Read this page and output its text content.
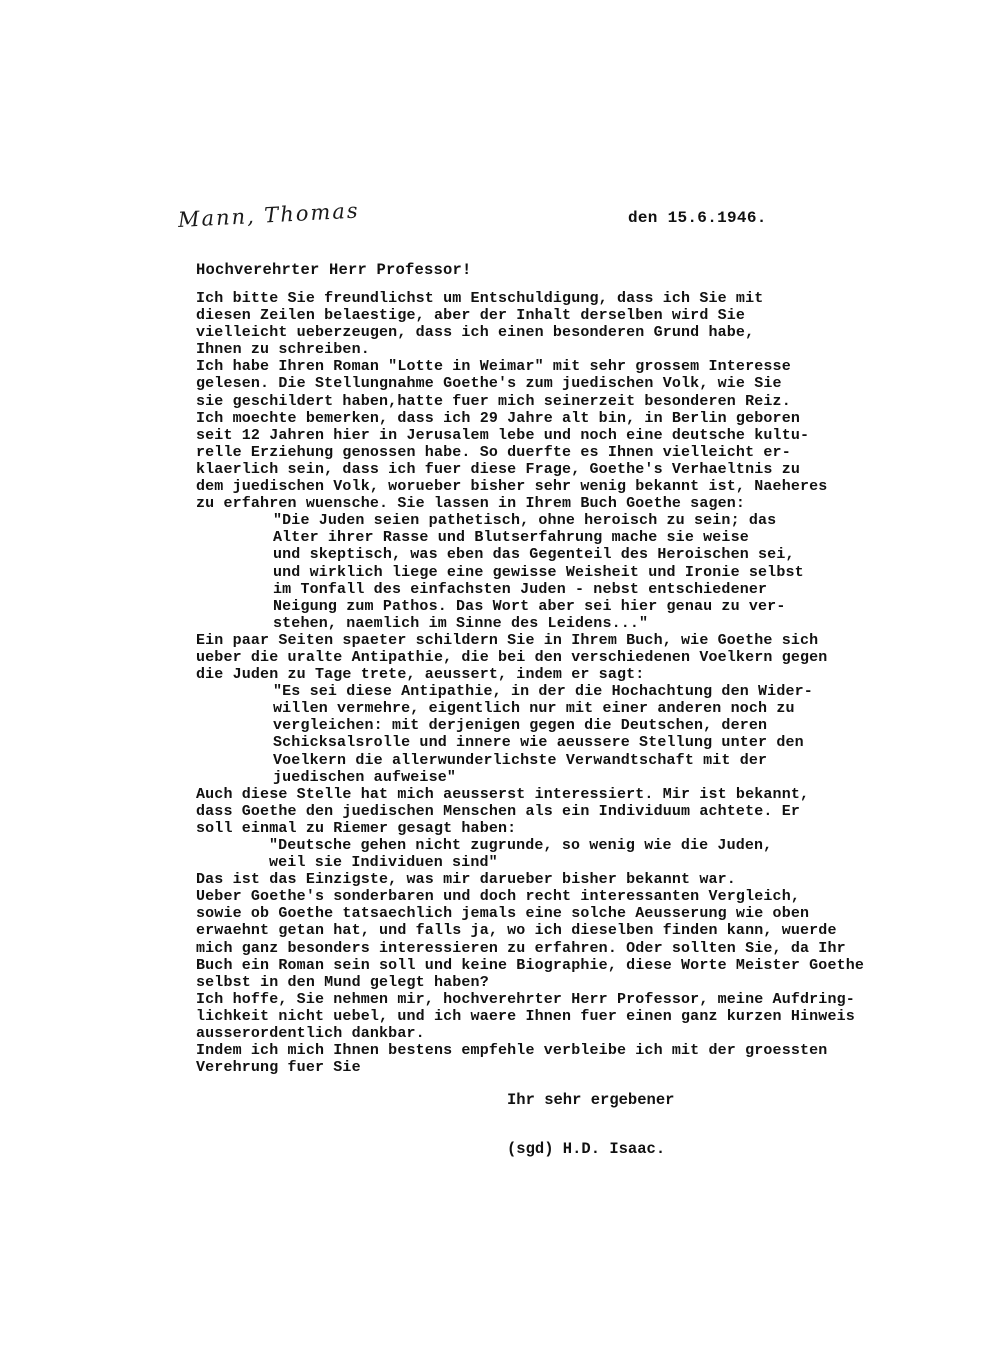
Mann, Thomas	den 15.6.1946.
Hochverehrter Herr Professor!
Ich bitte Sie freundlichst um Entschuldigung, dass ich Sie mit
diesen Zeilen belaestige, aber der Inhalt derselben wird Sie
vielleicht ueberzeugen, dass ich einen besonderen Grund habe,
Ihnen zu schreiben.
Ich habe Ihren Roman "Lotte in Weimar" mit sehr grossem Interesse
gelesen. Die Stellungnahme Goethe's zum juedischen Volk, wie Sie
sie geschildert haben,hatte fuer mich seinerzeit besonderen Reiz.
Ich moechte bemerken, dass ich 29 Jahre alt bin, in Berlin geboren
seit 12 Jahren hier in Jerusalem lebe und noch eine deutsche kultu-
relle Erziehung genossen habe. So duerfte es Ihnen vielleicht er-
klaerlich sein, dass ich fuer diese Frage, Goethe's Verhaeltnis zu
dem juedischen Volk, worueber bisher sehr wenig bekannt ist, Naeheres
zu erfahren wuensche. Sie lassen in Ihrem Buch Goethe sagen:
"Die Juden seien pathetisch, ohne heroisch zu sein; das
Alter ihrer Rasse und Blutserfahrung mache sie weise
und skeptisch, was eben das Gegenteil des Heroischen sei,
und wirklich liege eine gewisse Weisheit und Ironie selbst
im Tonfall des einfachsten Juden - nebst entschiedener
Neigung zum Pathos. Das Wort aber sei hier genau zu ver-
stehen, naemlich im Sinne des Leidens..."
Ein paar Seiten spaeter schildern Sie in Ihrem Buch, wie Goethe sich
ueber die uralte Antipathie, die bei den verschiedenen Voelkern gegen
die Juden zu Tage trete, aeussert, indem er sagt:
"Es sei diese Antipathie, in der die Hochachtung den Wider-
willen vermehre, eigentlich nur mit einer anderen noch zu
vergleichen: mit derjenigen gegen die Deutschen, deren
Schicksalsrolle und innere wie aeussere Stellung unter den
Voelkern die allerwunderlichste Verwandtschaft mit der
juedischen aufweise"
Auch diese Stelle hat mich aeusserst interessiert. Mir ist bekannt,
dass Goethe den juedischen Menschen als ein Individuum achtete. Er
soll einmal zu Riemer gesagt haben:
"Deutsche gehen nicht zugrunde, so wenig wie die Juden,
weil sie Individuen sind"
Das ist das Einzigste, was mir darueber bisher bekannt war.
Ueber Goethe's sonderbaren und doch recht interessanten Vergleich,
sowie ob Goethe tatsaechlich jemals eine solche Aeusserung wie oben
erwaehnt getan hat, und falls ja, wo ich dieselben finden kann, wuerde
mich ganz besonders interessieren zu erfahren. Oder sollten Sie, da Ihr
Buch ein Roman sein soll und keine Biographie, diese Worte Meister Goethe
selbst in den Mund gelegt haben?
Ich hoffe, Sie nehmen mir, hochverehrter Herr Professor, meine Aufdring-
lichkeit nicht uebel, und ich waere Ihnen fuer einen ganz kurzen Hinweis
ausserordentlich dankbar.
Indem ich mich Ihnen bestens empfehle verbleibe ich mit der groessten
Verehrung fuer Sie
Ihr sehr ergebener
(sgd) H.D. Isaac.
